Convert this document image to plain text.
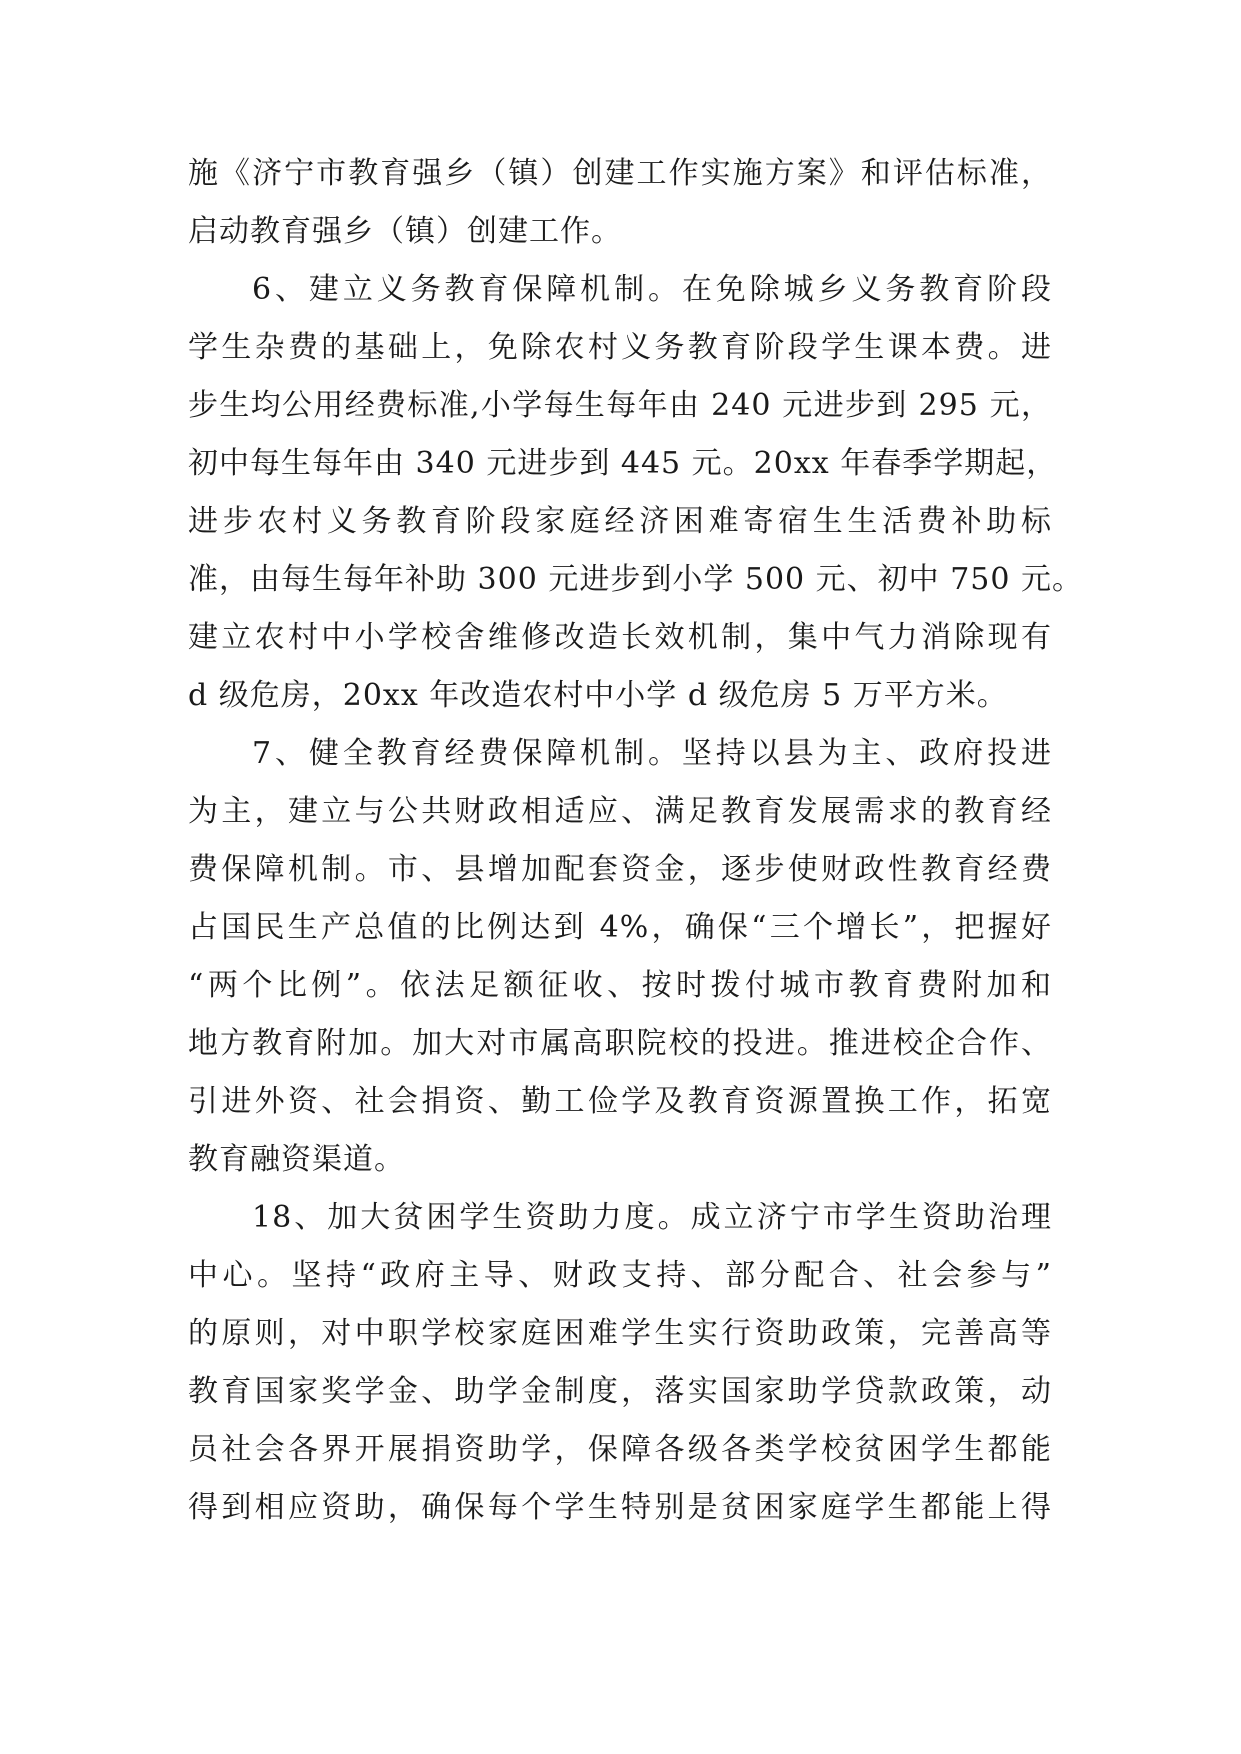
施《济宁市教育强乡（镇）创建工作实施方案》和评估标准，
启动教育强乡（镇）创建工作。
6、建立义务教育保障机制。在免除城乡义务教育阶段
学生杂费的基础上，免除农村义务教育阶段学生课本费。进
步生均公用经费标准,小学每生每年由 240 元进步到 295 元，
初中每生每年由 340 元进步到 445 元。20xx 年春季学期起，
进步农村义务教育阶段家庭经济困难寄宿生生活费补助标
准，由每生每年补助 300 元进步到小学 500 元、初中 750 元。
建立农村中小学校舍维修改造长效机制，集中气力消除现有
d 级危房，20xx 年改造农村中小学 d 级危房 5 万平方米。
7、健全教育经费保障机制。坚持以县为主、政府投进
为主，建立与公共财政相适应、满足教育发展需求的教育经
费保障机制。市、县增加配套资金，逐步使财政性教育经费
占国民生产总值的比例达到 4%，确保“三个增长”，把握好
“两个比例”。依法足额征收、按时拨付城市教育费附加和
地方教育附加。加大对市属高职院校的投进。推进校企合作、
引进外资、社会捐资、勤工俭学及教育资源置换工作，拓宽
教育融资渠道。
18、加大贫困学生资助力度。成立济宁市学生资助治理
中心。坚持“政府主导、财政支持、部分配合、社会参与”
的原则，对中职学校家庭困难学生实行资助政策，完善高等
教育国家奖学金、助学金制度，落实国家助学贷款政策，动
员社会各界开展捐资助学，保障各级各类学校贫困学生都能
得到相应资助，确保每个学生特别是贫困家庭学生都能上得
